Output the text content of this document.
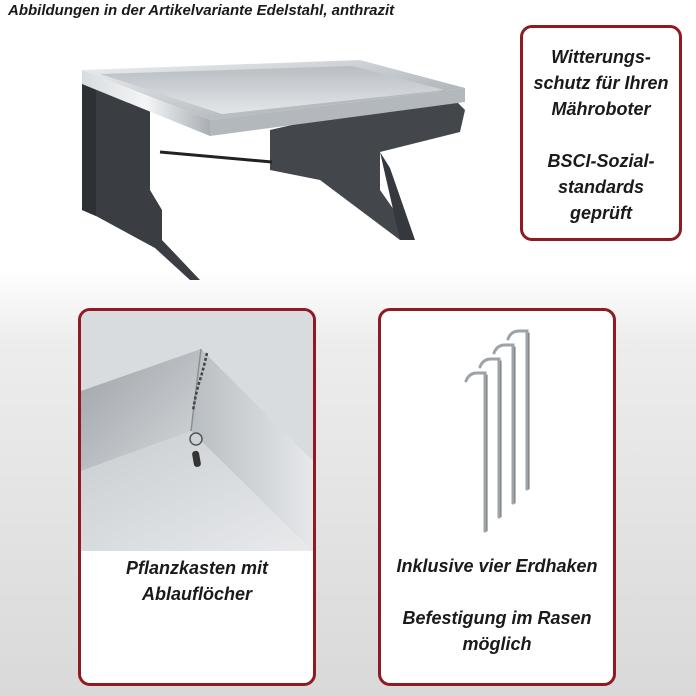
Abbildungen in der Artikelvariante Edelstahl, anthrazit
Witterungs-
schutz für Ihren
Mähroboter
BSCI-Sozial-
standards
geprüft
Pflanzkasten mit
Ablauflöcher
Inklusive vier Erdhaken
Befestigung im Rasen
möglich
